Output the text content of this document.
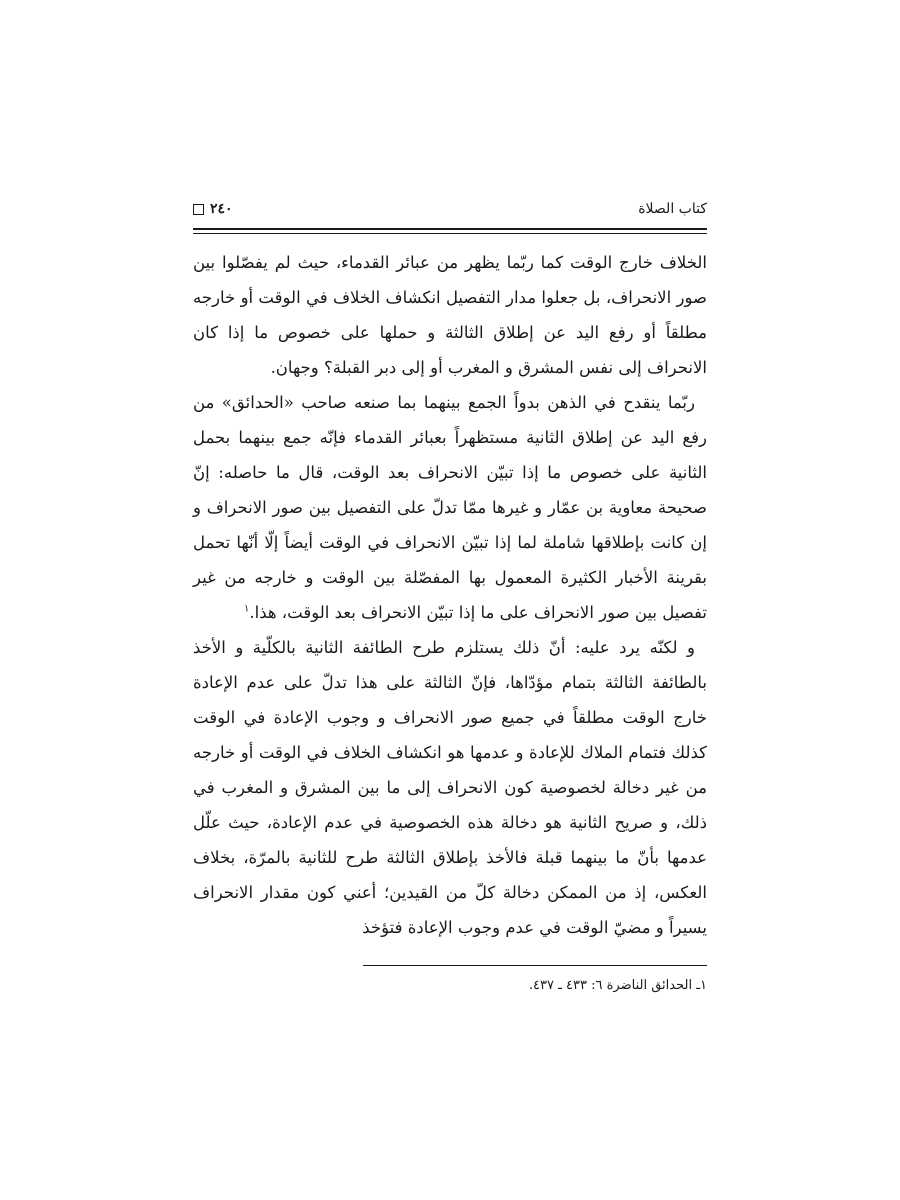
كتاب الصلاة
٢٤٠

الخلاف خارج الوقت كما ربّما يظهر من عبائر القدماء، حيث لم يفصّلوا بين صور الانحراف، بل جعلوا مدار التفصيل انكشاف الخلاف في الوقت أو خارجه مطلقاً أو رفع اليد عن إطلاق الثالثة و حملها على خصوص ما إذا كان الانحراف إلى نفس المشرق و المغرب أو إلى دبر القبلة؟ وجهان.

ربّما ينقدح في الذهن بدواً الجمع بينهما بما صنعه صاحب «الحدائق» من رفع اليد عن إطلاق الثانية مستظهراً بعبائر القدماء فإنّه جمع بينهما بحمل الثانية على خصوص ما إذا تبيّن الانحراف بعد الوقت، قال ما حاصله: إنّ صحيحة معاوية بن عمّار و غيرها ممّا تدلّ على التفصيل بين صور الانحراف و إن كانت بإطلاقها شاملة لما إذا تبيّن الانحراف في الوقت أيضاً إلّا أنّها تحمل بقرينة الأخبار الكثيرة المعمول بها المفصّلة بين الوقت و خارجه من غير تفصيل بين صور الانحراف على ما إذا تبيّن الانحراف بعد الوقت، هذا.$^١$

و لكنّه يرد عليه: أنّ ذلك يستلزم طرح الطائفة الثانية بالكلّية و الأخذ بالطائفة الثالثة بتمام مؤدّاها، فإنّ الثالثة على هذا تدلّ على عدم الإعادة خارج الوقت مطلقاً في جميع صور الانحراف و وجوب الإعادة في الوقت كذلك فتمام الملاك للإعادة و عدمها هو انكشاف الخلاف في الوقت أو خارجه من غير دخالة لخصوصية كون الانحراف إلى ما بين المشرق و المغرب في ذلك، و صريح الثانية هو دخالة هذه الخصوصية في عدم الإعادة، حيث علّل عدمها بأنّ ما بينهما قبلة فالأخذ بإطلاق الثالثة طرح للثانية بالمرّة، بخلاف العكس، إذ من الممكن دخالة كلّ من القيدين؛ أعني كون مقدار الانحراف يسيراً و مضيّ الوقت في عدم وجوب الإعادة فتؤخذ

١ـ الحدائق الناضرة ٦: ٤٣٣ ـ ٤٣٧.
